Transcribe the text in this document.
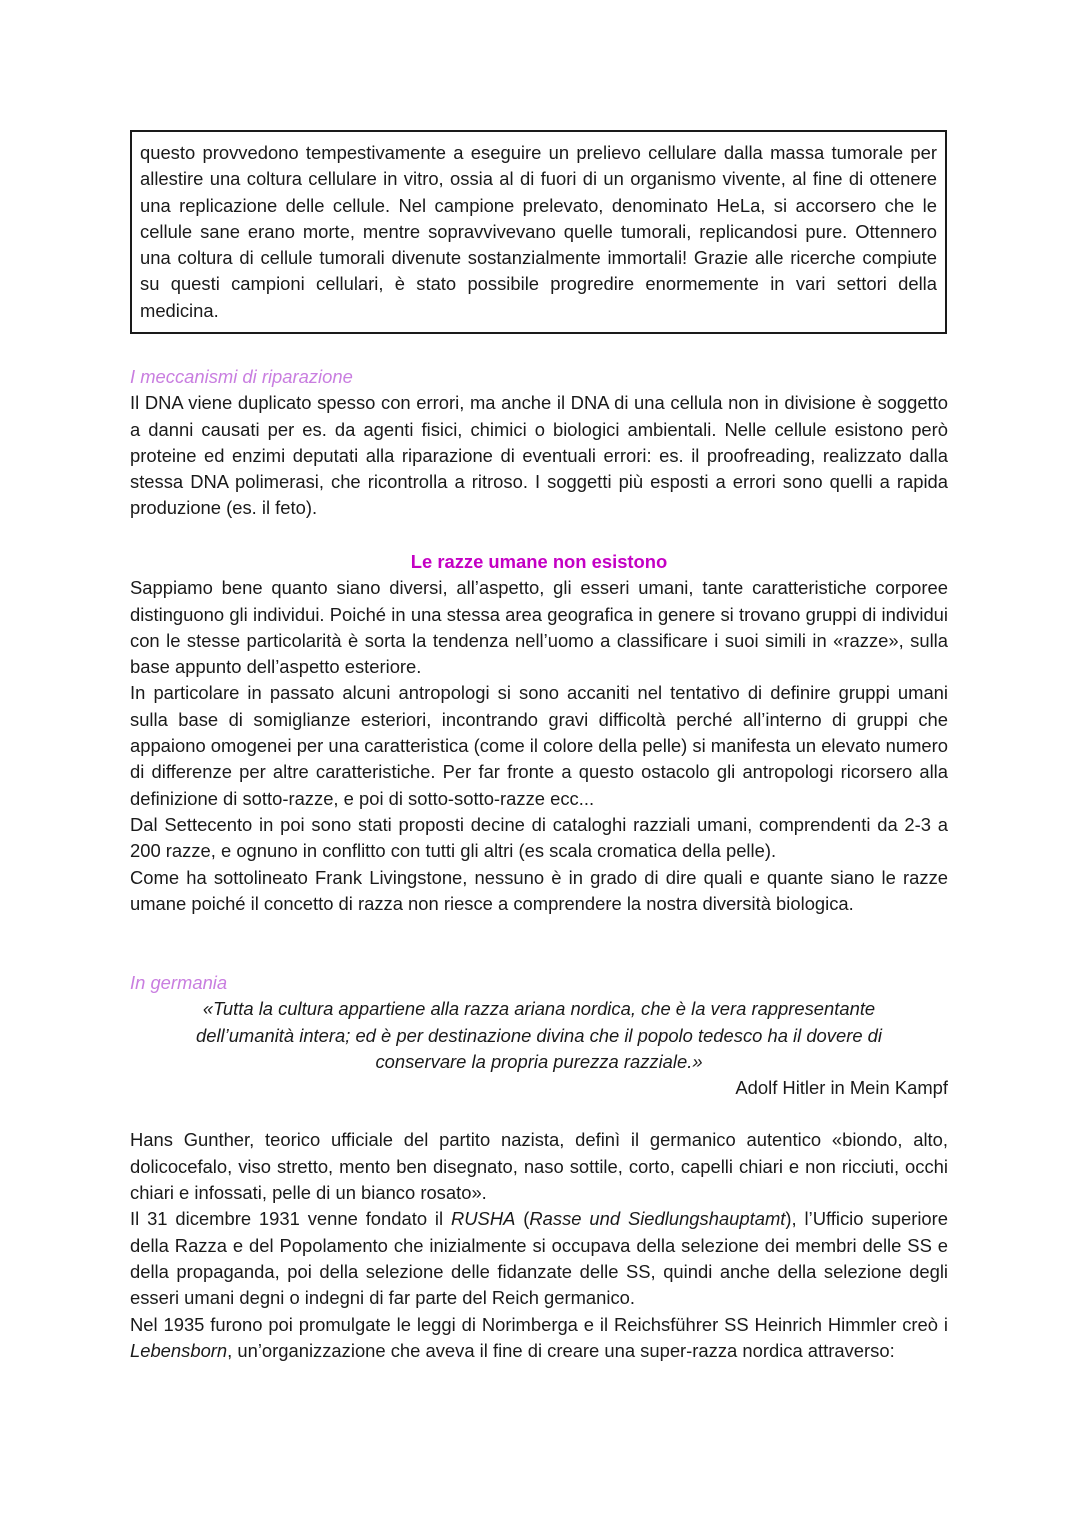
questo provvedono tempestivamente a eseguire un prelievo cellulare dalla massa tumorale per allestire una coltura cellulare in vitro, ossia al di fuori di un organismo vivente, al fine di ottenere una replicazione delle cellule. Nel campione prelevato, denominato HeLa, si accorsero che le cellule sane erano morte, mentre sopravvivevano quelle tumorali, replicandosi pure. Ottennero una coltura di cellule tumorali divenute sostanzialmente immortali! Grazie alle ricerche compiute su questi campioni cellulari, è stato possibile progredire enormemente in vari settori della medicina.

I meccanismi di riparazione

Il DNA viene duplicato spesso con errori, ma anche il DNA di una cellula non in divisione è soggetto a danni causati per es. da agenti fisici, chimici o biologici ambientali. Nelle cellule esistono però proteine ed enzimi deputati alla riparazione di eventuali errori: es. il proofreading, realizzato dalla stessa DNA polimerasi, che ricontrolla a ritroso. I soggetti più esposti a errori sono quelli a rapida produzione (es. il feto).

Le razze umane non esistono

Sappiamo bene quanto siano diversi, all’aspetto, gli esseri umani, tante caratteristiche corporee distinguono gli individui. Poiché in una stessa area geografica in genere si trovano gruppi di individui con le stesse particolarità è sorta la tendenza nell’uomo a classificare i suoi simili in «razze», sulla base appunto dell’aspetto esteriore.

In particolare in passato alcuni antropologi si sono accaniti nel tentativo di definire gruppi umani sulla base di somiglianze esteriori, incontrando gravi difficoltà perché all’interno di gruppi che appaiono omogenei per una caratteristica (come il colore della pelle) si manifesta un elevato numero di differenze per altre caratteristiche. Per far fronte a questo ostacolo gli antropologi ricorsero alla definizione di sotto-razze, e poi di sotto-sotto-razze ecc...

Dal Settecento in poi sono stati proposti decine di cataloghi razziali umani, comprendenti da 2-3 a 200 razze, e ognuno in conflitto con tutti gli altri (es scala cromatica della pelle).

Come ha sottolineato Frank Livingstone, nessuno è in grado di dire quali e quante siano le razze umane poiché il concetto di razza non riesce a comprendere la nostra diversità biologica.

In germania

«Tutta la cultura appartiene alla razza ariana nordica, che è la vera rappresentante dell’umanità intera; ed è per destinazione divina che il popolo tedesco ha il dovere di conservare la propria purezza razziale.»

Adolf Hitler in Mein Kampf

Hans Gunther, teorico ufficiale del partito nazista, definì il germanico autentico «biondo, alto, dolicocefalo, viso stretto, mento ben disegnato, naso sottile, corto, capelli chiari e non ricciuti, occhi chiari e infossati, pelle di un bianco rosato».

Il 31 dicembre 1931 venne fondato il RUSHA (Rasse und Siedlungshauptamt), l’Ufficio superiore della Razza e del Popolamento che inizialmente si occupava della selezione dei membri delle SS e della propaganda, poi della selezione delle fidanzate delle SS, quindi anche della selezione degli esseri umani degni o indegni di far parte del Reich germanico.

Nel 1935 furono poi promulgate le leggi di Norimberga e il Reichsführer SS Heinrich Himmler creò i Lebensborn, un’organizzazione che aveva il fine di creare una super-razza nordica attraverso:
